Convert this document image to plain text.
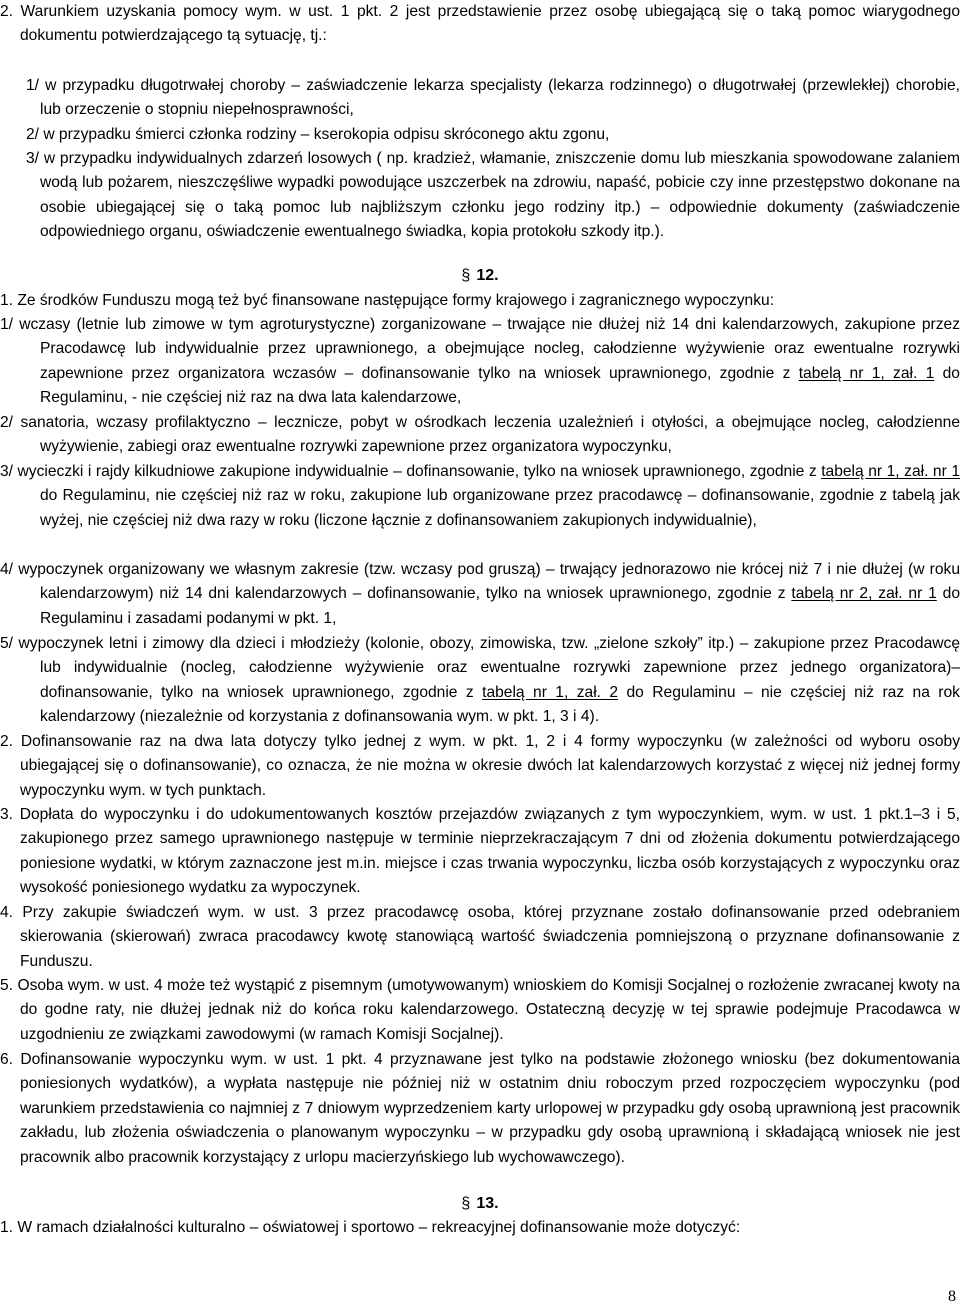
2. Warunkiem uzyskania pomocy wym. w ust. 1 pkt. 2 jest przedstawienie przez osobę ubiegającą się o taką pomoc wiarygodnego dokumentu potwierdzającego tą sytuację, tj.:

1/ w przypadku długotrwałej choroby – zaświadczenie lekarza specjalisty (lekarza rodzinnego) o długotrwałej (przewlekłej) chorobie, lub orzeczenie o stopniu niepełnosprawności,

2/ w przypadku śmierci członka rodziny – kserokopia odpisu skróconego aktu zgonu,

3/ w przypadku indywidualnych zdarzeń losowych ( np. kradzież, włamanie, zniszczenie domu lub mieszkania spowodowane zalaniem wodą lub pożarem, nieszczęśliwe wypadki powodujące uszczerbek na zdrowiu, napaść, pobicie czy inne przestępstwo dokonane na osobie ubiegającej się o taką pomoc lub najbliższym członku jego rodziny itp.) – odpowiednie dokumenty (zaświadczenie odpowiedniego organu, oświadczenie ewentualnego świadka, kopia protokołu szkody itp.).

§ 12.

1. Ze środków Funduszu mogą też być finansowane następujące formy krajowego i zagranicznego wypoczynku:

1/ wczasy (letnie lub zimowe w tym agroturystyczne) zorganizowane – trwające nie dłużej niż 14 dni kalendarzowych, zakupione przez Pracodawcę lub indywidualnie przez uprawnionego, a obejmujące nocleg, całodzienne wyżywienie oraz ewentualne rozrywki zapewnione przez organizatora wczasów – dofinansowanie tylko na wniosek uprawnionego, zgodnie z tabelą nr 1, zał. 1 do Regulaminu, - nie częściej niż raz na dwa lata kalendarzowe,

2/ sanatoria, wczasy profilaktyczno – lecznicze, pobyt w ośrodkach leczenia uzależnień i otyłości, a obejmujące nocleg, całodzienne wyżywienie, zabiegi oraz ewentualne rozrywki zapewnione przez organizatora wypoczynku,

3/ wycieczki i rajdy kilkudniowe zakupione indywidualnie – dofinansowanie, tylko na wniosek uprawnionego, zgodnie z tabelą nr 1, zał. nr 1 do Regulaminu, nie częściej niż raz w roku, zakupione lub organizowane przez pracodawcę – dofinansowanie, zgodnie z tabelą jak wyżej, nie częściej niż dwa razy w roku (liczone łącznie z dofinansowaniem zakupionych indywidualnie),

4/ wypoczynek organizowany we własnym zakresie (tzw. wczasy pod gruszą) – trwający jednorazowo nie krócej niż 7 i nie dłużej (w roku kalendarzowym) niż 14 dni kalendarzowych – dofinansowanie, tylko na wniosek uprawnionego, zgodnie z tabelą nr 2, zał. nr 1 do Regulaminu i zasadami podanymi w pkt. 1,

5/ wypoczynek letni i zimowy dla dzieci i młodzieży (kolonie, obozy, zimowiska, tzw. „zielone szkoły” itp.) – zakupione przez Pracodawcę lub indywidualnie (nocleg, całodzienne wyżywienie oraz ewentualne rozrywki zapewnione przez jednego organizatora)– dofinansowanie, tylko na wniosek uprawnionego, zgodnie z tabelą nr 1, zał. 2 do Regulaminu – nie częściej niż raz na rok kalendarzowy (niezależnie od korzystania z dofinansowania wym. w pkt. 1, 3 i 4).

2. Dofinansowanie raz na dwa lata dotyczy tylko jednej z wym. w pkt. 1, 2 i 4 formy wypoczynku (w zależności od wyboru osoby ubiegającej się o dofinansowanie), co oznacza, że nie można w okresie dwóch lat kalendarzowych korzystać z więcej niż jednej formy wypoczynku wym. w tych punktach.

3. Dopłata do wypoczynku i do udokumentowanych kosztów przejazdów związanych z tym wypoczynkiem, wym. w ust. 1 pkt.1–3 i 5, zakupionego przez samego uprawnionego następuje w terminie nieprzekraczającym 7 dni od złożenia dokumentu potwierdzającego poniesione wydatki, w którym zaznaczone jest m.in. miejsce i czas trwania wypoczynku, liczba osób korzystających z wypoczynku oraz wysokość poniesionego wydatku za wypoczynek.

4. Przy zakupie świadczeń wym. w ust. 3 przez pracodawcę osoba, której przyznane zostało dofinansowanie przed odebraniem skierowania (skierowań) zwraca pracodawcy kwotę stanowiącą wartość świadczenia pomniejszoną o przyznane dofinansowanie z Funduszu.

5. Osoba wym. w ust. 4 może też wystąpić z pisemnym (umotywowanym) wnioskiem do Komisji Socjalnej o rozłożenie zwracanej kwoty na do godne raty, nie dłużej jednak niż do końca roku kalendarzowego. Ostateczną decyzję w tej sprawie podejmuje Pracodawca w uzgodnieniu ze związkami zawodowymi (w ramach Komisji Socjalnej).

6. Dofinansowanie wypoczynku wym. w ust. 1 pkt. 4 przyznawane jest tylko na podstawie złożonego wniosku (bez dokumentowania poniesionych wydatków), a wypłata następuje nie później niż w ostatnim dniu roboczym przed rozpoczęciem wypoczynku (pod warunkiem przedstawienia co najmniej z 7 dniowym wyprzedzeniem karty urlopowej w przypadku gdy osobą uprawnioną jest pracownik zakładu, lub złożenia oświadczenia o planowanym wypoczynku – w przypadku gdy osobą uprawnioną i składającą wniosek nie jest pracownik albo pracownik korzystający z urlopu macierzyńskiego lub wychowawczego).

§ 13.

1. W ramach działalności kulturalno – oświatowej i sportowo – rekreacyjnej dofinansowanie może dotyczyć:

8
